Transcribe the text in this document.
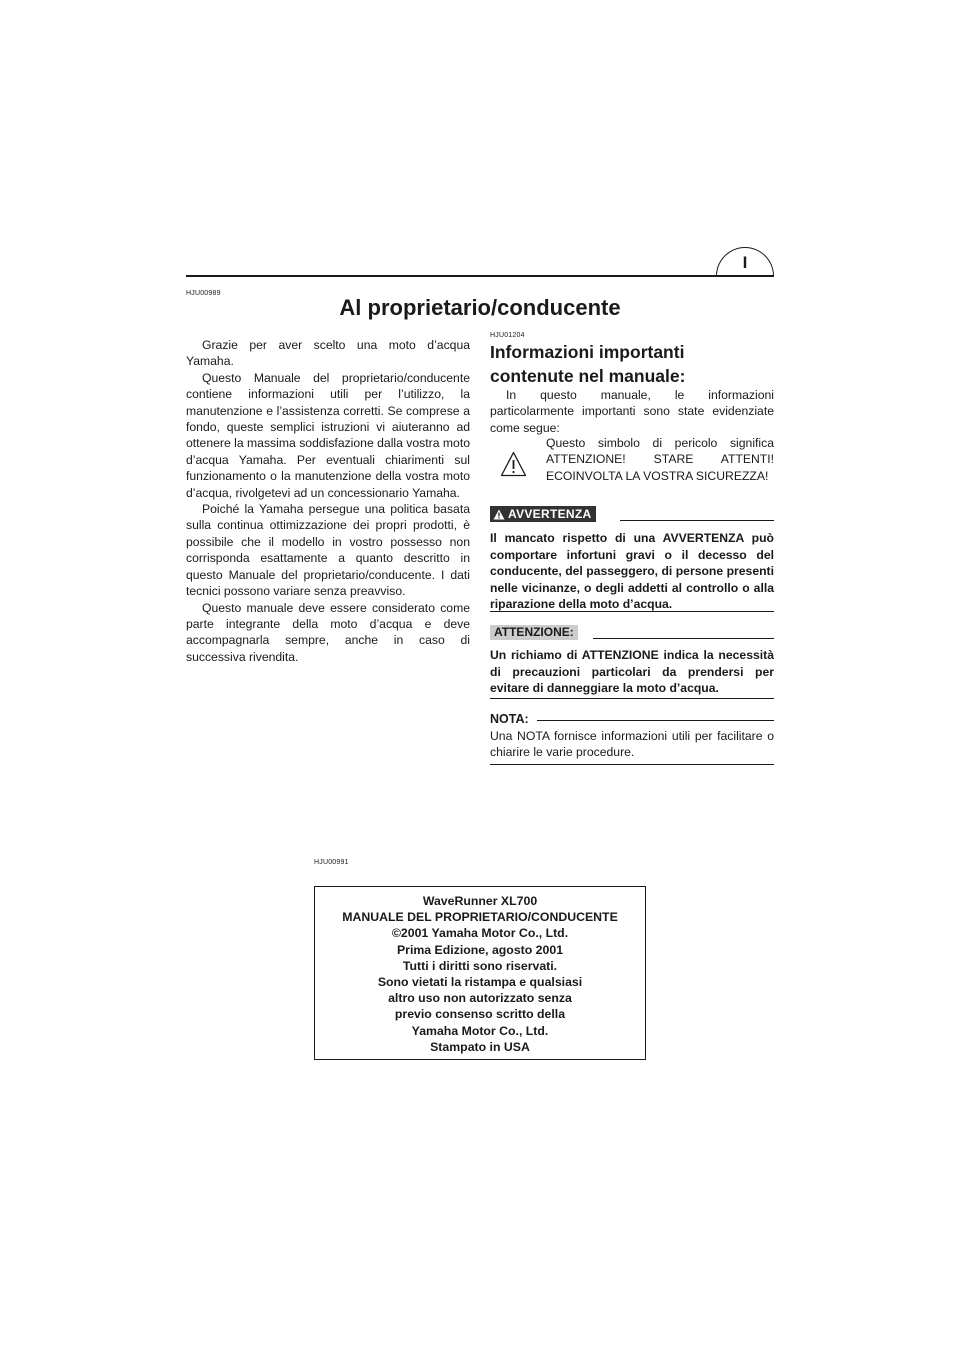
I
HJU00989
Al proprietario/conducente

Grazie per aver scelto una moto d’acqua Yamaha.

Questo Manuale del proprietario/conducente contiene informazioni utili per l’utilizzo, la manutenzione e l’assistenza corretti. Se comprese a fondo, queste semplici istruzioni vi aiuteranno ad ottenere la massima soddisfazione dalla vostra moto d’acqua Yamaha. Per eventuali chiarimenti sul funzionamento o la manutenzione della vostra moto d’acqua, rivolgetevi ad un concessionario Yamaha.

Poiché la Yamaha persegue una politica basata sulla continua ottimizzazione dei propri prodotti, è possibile che il modello in vostro possesso non corrisponda esattamente a quanto descritto in questo Manuale del proprietario/conducente. I dati tecnici possono variare senza preavviso.

Questo manuale deve essere considerato come parte integrante della moto d’acqua e deve accompagnarla sempre, anche in caso di successiva rivendita.

HJU01204
Informazioni importanti
contenute nel manuale:
In questo manuale, le informazioni particolarmente importanti sono state evidenziate come segue:
Questo simbolo di pericolo significa ATTENZIONE! STARE ATTENTI! ECOINVOLTA LA VOSTRA SICUREZZA!
AVVERTENZA
Il mancato rispetto di una AVVERTENZA può comportare infortuni gravi o il decesso del conducente, del passeggero, di persone presenti nelle vicinanze, o degli addetti al controllo o alla riparazione della moto d’acqua.
ATTENZIONE:
Un richiamo di ATTENZIONE indica la necessità di precauzioni particolari da prendersi per evitare di danneggiare la moto d’acqua.
NOTA:
Una NOTA fornisce informazioni utili per facilitare o chiarire le varie procedure.
HJU00991
WaveRunner XL700
MANUALE DEL PROPRIETARIO/CONDUCENTE
©2001 Yamaha Motor Co., Ltd.
Prima Edizione, agosto 2001
Tutti i diritti sono riservati.
Sono vietati la ristampa e qualsiasi
altro uso non autorizzato senza
previo consenso scritto della
Yamaha Motor Co., Ltd.
Stampato in USA
